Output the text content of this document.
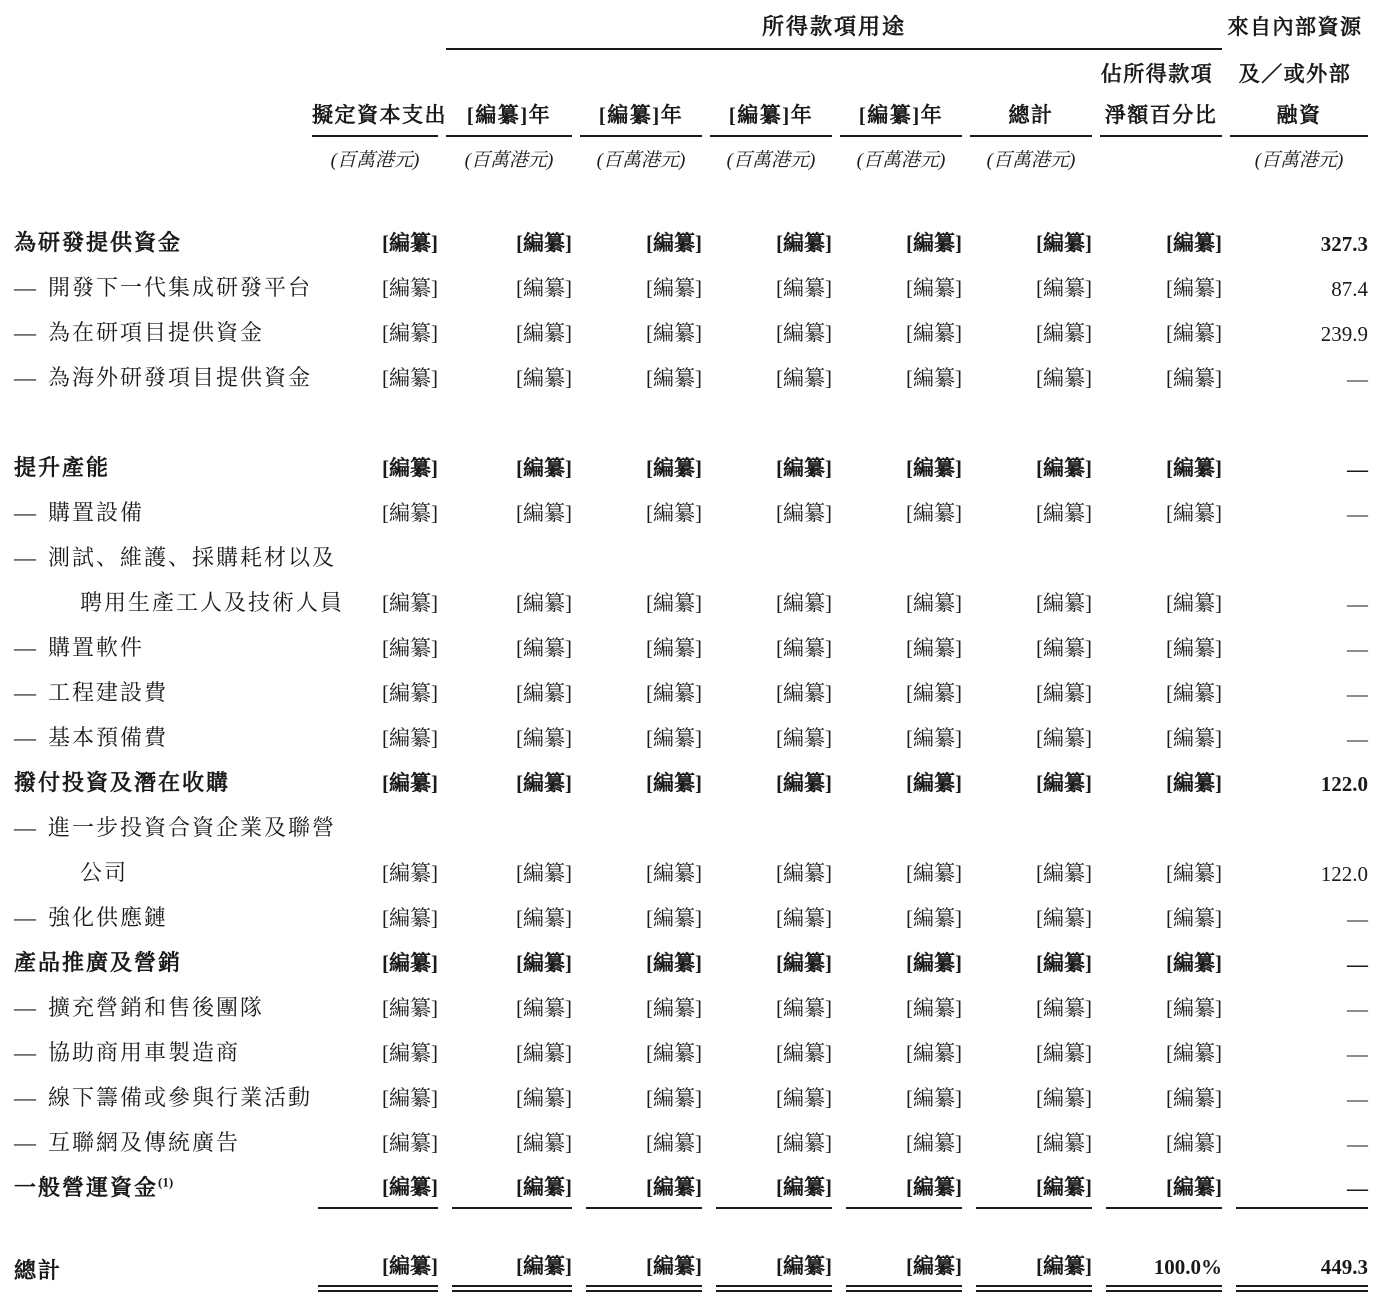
		所得款項用途						來自內部資源
							佔所得款項	及／或外部

	擬定資本支出	[編纂]年	[編纂]年	[編纂]年	[編纂]年	總計	淨額百分比	融資

	(百萬港元)	(百萬港元)	(百萬港元)	(百萬港元)	(百萬港元)	(百萬港元)		(百萬港元)

為研發提供資金	[編纂]	[編纂]	[編纂]	[編纂]	[編纂]	[編纂]	[編纂]	327.3

— 開發下一代集成研發平台	[編纂]	[編纂]	[編纂]	[編纂]	[編纂]	[編纂]	[編纂]	87.4

— 為在研項目提供資金	[編纂]	[編纂]	[編纂]	[編纂]	[編纂]	[編纂]	[編纂]	239.9

— 為海外研發項目提供資金	[編纂]	[編纂]	[編纂]	[編纂]	[編纂]	[編纂]	[編纂]	—

提升產能	[編纂]	[編纂]	[編纂]	[編纂]	[編纂]	[編纂]	[編纂]	—

— 購置設備	[編纂]	[編纂]	[編纂]	[編纂]	[編纂]	[編纂]	[編纂]	—

— 測試、維護、採購耗材以及	

聘用生產工人及技術人員	[編纂]	[編纂]	[編纂]	[編纂]	[編纂]	[編纂]	[編纂]	—

— 購置軟件	[編纂]	[編纂]	[編纂]	[編纂]	[編纂]	[編纂]	[編纂]	—

— 工程建設費	[編纂]	[編纂]	[編纂]	[編纂]	[編纂]	[編纂]	[編纂]	—

— 基本預備費	[編纂]	[編纂]	[編纂]	[編纂]	[編纂]	[編纂]	[編纂]	—

撥付投資及潛在收購	[編纂]	[編纂]	[編纂]	[編纂]	[編纂]	[編纂]	[編纂]	122.0

— 進一步投資合資企業及聯營	

公司	[編纂]	[編纂]	[編纂]	[編纂]	[編纂]	[編纂]	[編纂]	122.0

— 強化供應鏈	[編纂]	[編纂]	[編纂]	[編纂]	[編纂]	[編纂]	[編纂]	—

產品推廣及營銷	[編纂]	[編纂]	[編纂]	[編纂]	[編纂]	[編纂]	[編纂]	—

— 擴充營銷和售後團隊	[編纂]	[編纂]	[編纂]	[編纂]	[編纂]	[編纂]	[編纂]	—

— 協助商用車製造商	[編纂]	[編纂]	[編纂]	[編纂]	[編纂]	[編纂]	[編纂]	—

— 線下籌備或參與行業活動	[編纂]	[編纂]	[編纂]	[編纂]	[編纂]	[編纂]	[編纂]	—

— 互聯網及傳統廣告	[編纂]	[編纂]	[編纂]	[編纂]	[編纂]	[編纂]	[編纂]	—

一般營運資金$^{(1)}$	[編纂]	[編纂]	[編纂]	[編纂]	[編纂]	[編纂]	[編纂]	—

總計	[編纂]	[編纂]	[編纂]	[編纂]	[編纂]	[編纂]	100.0%	449.3
